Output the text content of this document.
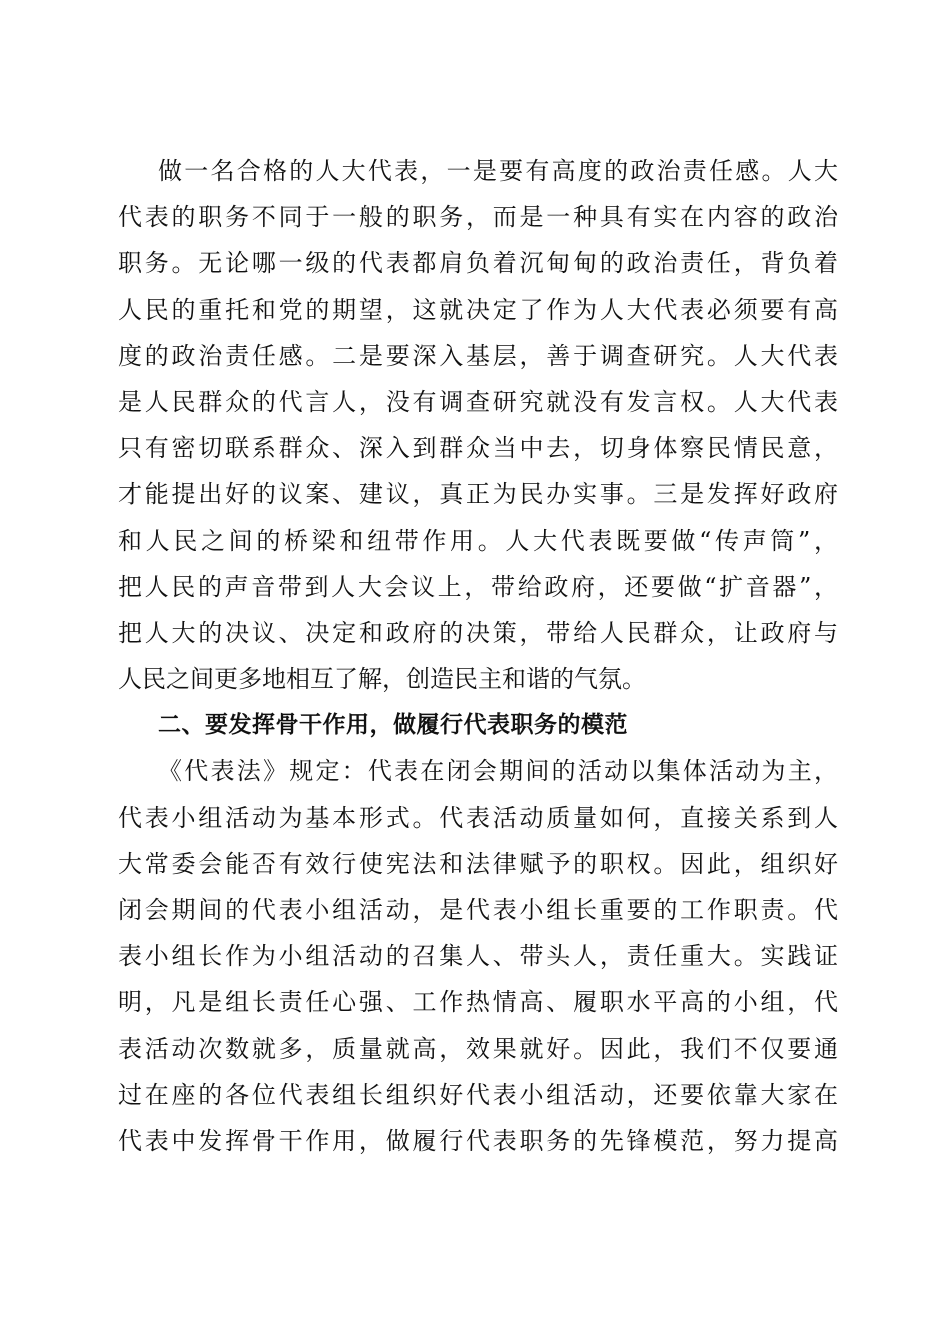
做一名合格的人大代表，一是要有高度的政治责任感。人大
代表的职务不同于一般的职务，而是一种具有实在内容的政治
职务。无论哪一级的代表都肩负着沉甸甸的政治责任，背负着
人民的重托和党的期望，这就决定了作为人大代表必须要有高
度的政治责任感。二是要深入基层，善于调查研究。人大代表
是人民群众的代言人，没有调查研究就没有发言权。人大代表
只有密切联系群众、深入到群众当中去，切身体察民情民意，
才能提出好的议案、建议，真正为民办实事。三是发挥好政府
和人民之间的桥梁和纽带作用。人大代表既要做“传声筒”，
把人民的声音带到人大会议上，带给政府，还要做“扩音器”，
把人大的决议、决定和政府的决策，带给人民群众，让政府与
人民之间更多地相互了解，创造民主和谐的气氛。
二、要发挥骨干作用，做履行代表职务的模范
《代表法》规定：代表在闭会期间的活动以集体活动为主，
代表小组活动为基本形式。代表活动质量如何，直接关系到人
大常委会能否有效行使宪法和法律赋予的职权。因此，组织好
闭会期间的代表小组活动，是代表小组长重要的工作职责。代
表小组长作为小组活动的召集人、带头人，责任重大。实践证
明，凡是组长责任心强、工作热情高、履职水平高的小组，代
表活动次数就多，质量就高，效果就好。因此，我们不仅要通
过在座的各位代表组长组织好代表小组活动，还要依靠大家在
代表中发挥骨干作用，做履行代表职务的先锋模范，努力提高
